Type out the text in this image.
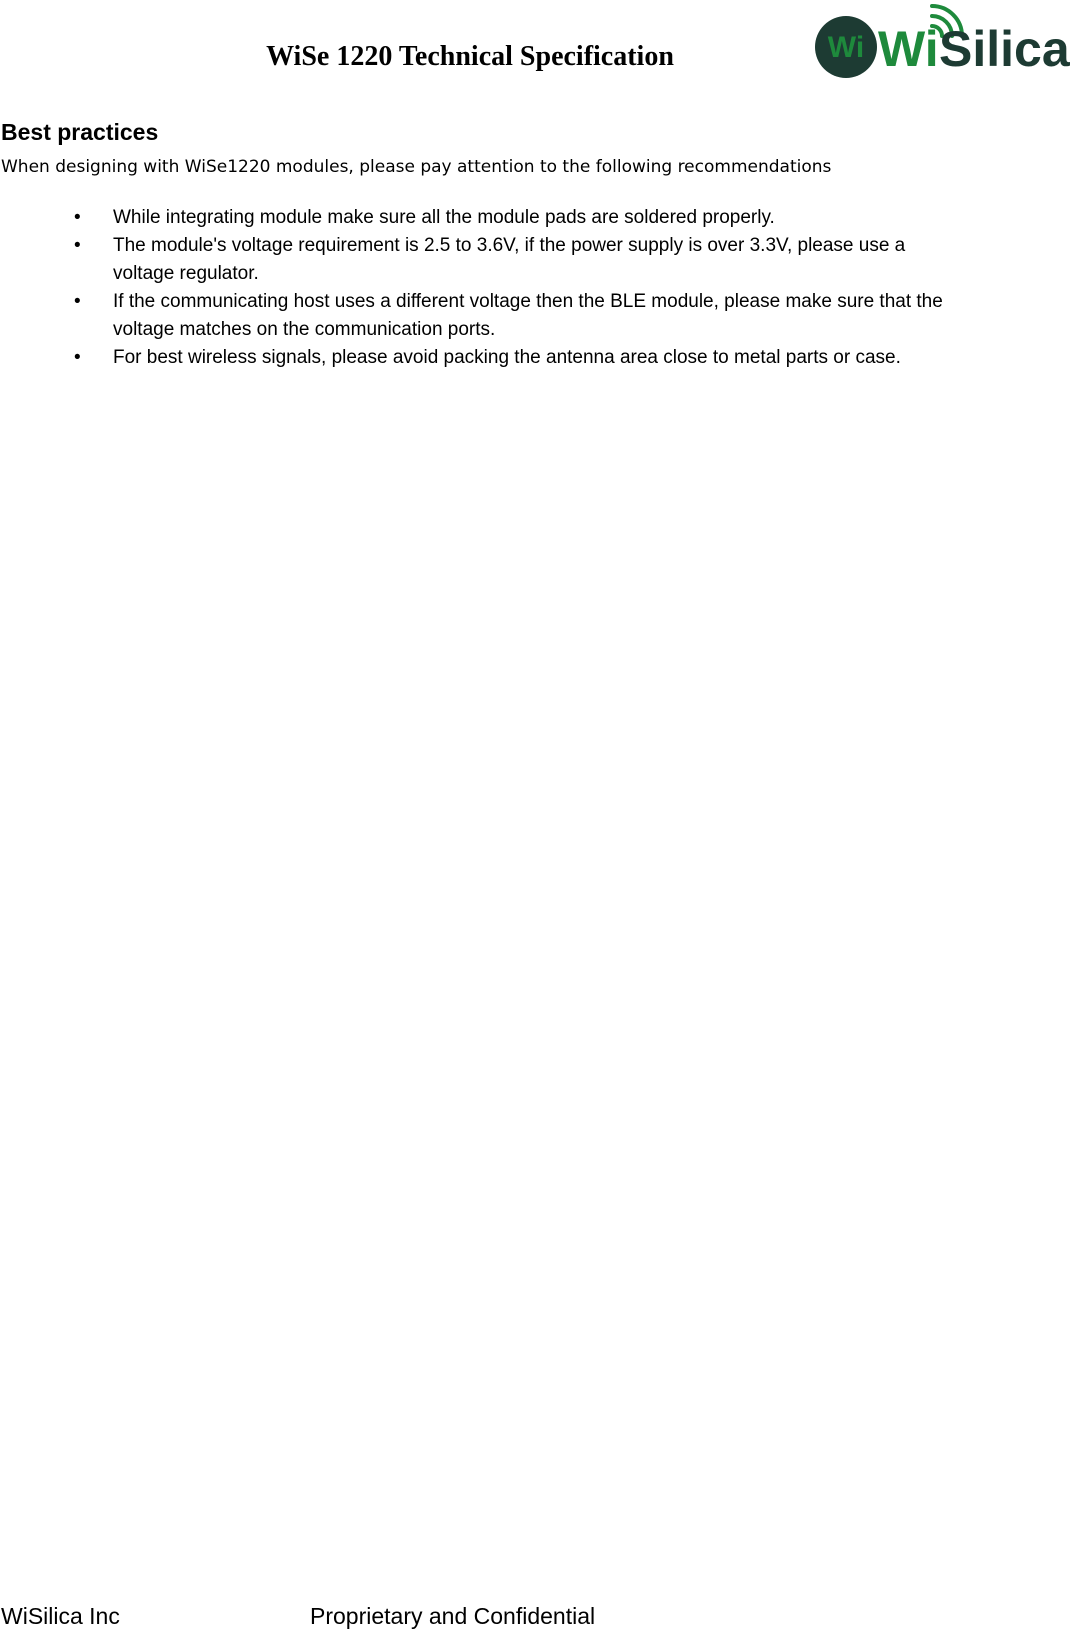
WiSe 1220 Technical Specification	Wi Wi Silica
Best practices

When designing with WiSe1220 modules, please pay attention to the following recommendations

• While integrating module make sure all the module pads are soldered properly.
• The module's voltage requirement is 2.5 to 3.6V, if the power supply is over 3.3V, please use a voltage regulator.
• If the communicating host uses a different voltage then the BLE module, please make sure that the voltage matches on the communication ports.
• For best wireless signals, please avoid packing the antenna area close to metal parts or case.
WiSilica Inc	Proprietary and Confidential
